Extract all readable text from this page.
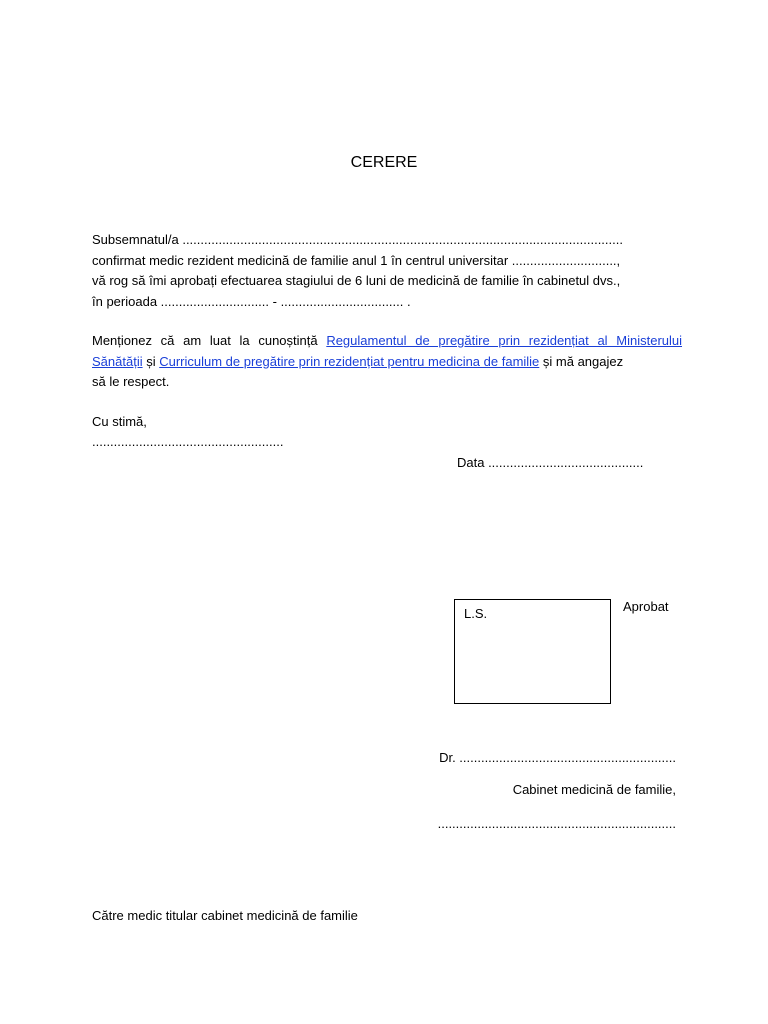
CERERE
Subsemnatul/a ..........................................................................................................................
confirmat medic rezident medicină de familie anul 1 în centrul universitar .............................,
vă rog să îmi aprobați efectuarea stagiului de 6 luni de medicină de familie în cabinetul dvs.,
în perioada .............................. - .................................. .
Menționez că am luat la cunoștință Regulamentul de pregătire prin rezidențiat al Ministerului
Sănătății și Curriculum de pregătire prin rezidențiat pentru medicina de familie și mă angajez
să le respect.
Cu stimă,
.....................................................
Data ...........................................
L.S.	Aprobat
Dr. ............................................................
Cabinet medicină de familie,
..................................................................
Către medic titular cabinet medicină de familie
